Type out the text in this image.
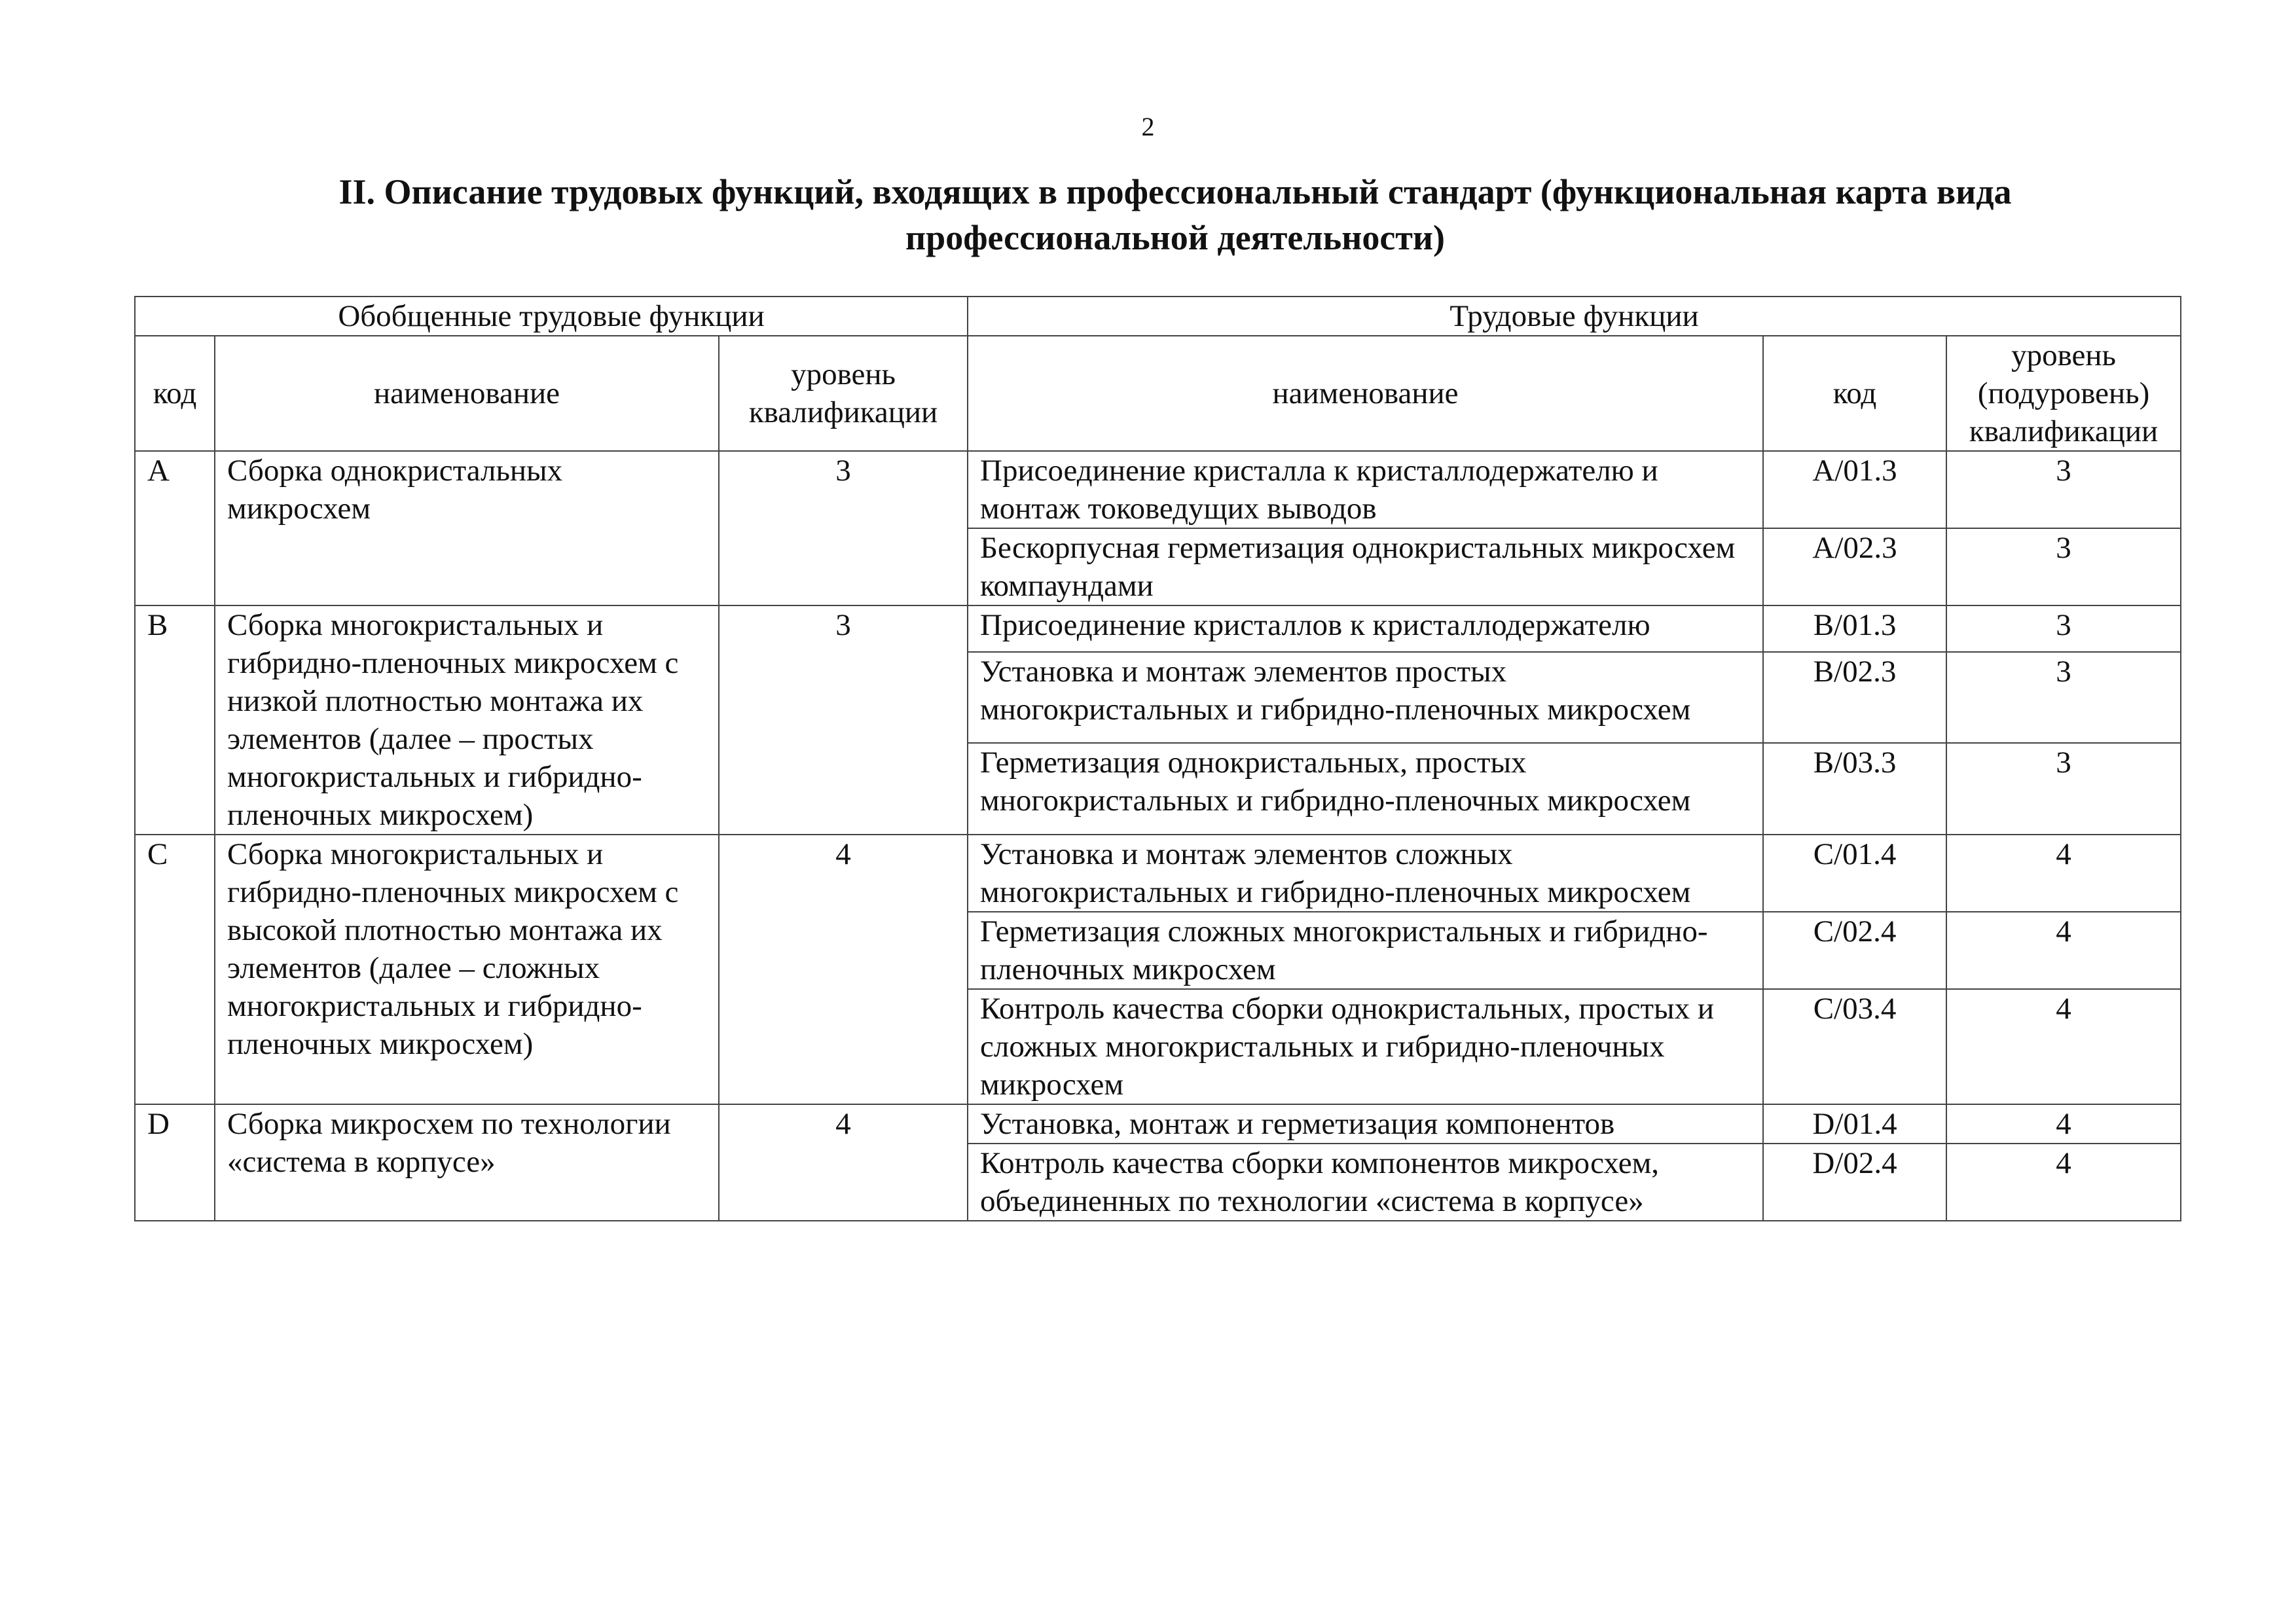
2
II. Описание трудовых функций, входящих в профессиональный стандарт (функциональная карта вида
профессиональной деятельности)
Обобщенные трудовые функции			Трудовые функции		
код	наименование	уровень квалификации	наименование	код	уровень (подуровень) квалификации
A	Сборка однокристальных микросхем	3	Присоединение кристалла к кристаллодержателю и монтаж токоведущих выводов	A/01.3	3
			Бескорпусная герметизация однокристальных микросхем компаундами	A/02.3	3
B	Сборка многокристальных и гибридно-пленочных микросхем с низкой плотностью монтажа их элементов (далее – простых многокристальных и гибридно-пленочных микросхем)	3	Присоединение кристаллов к кристаллодержателю	B/01.3	3
			Установка и монтаж элементов простых многокристальных и гибридно-пленочных микросхем	B/02.3	3
			Герметизация однокристальных, простых многокристальных и гибридно-пленочных микросхем	B/03.3	3
C	Сборка многокристальных и гибридно-пленочных микросхем с высокой плотностью монтажа их элементов (далее – сложных многокристальных и гибридно-пленочных микросхем)	4	Установка и монтаж элементов сложных многокристальных и гибридно-пленочных микросхем	C/01.4	4
			Герметизация сложных многокристальных и гибридно-пленочных микросхем	C/02.4	4
			Контроль качества сборки однокристальных, простых и сложных многокристальных и гибридно-пленочных микросхем	C/03.4	4
D	Сборка микросхем по технологии «система в корпусе»	4	Установка, монтаж и герметизация компонентов	D/01.4	4
			Контроль качества сборки компонентов микросхем, объединенных по технологии «система в корпусе»	D/02.4	4
